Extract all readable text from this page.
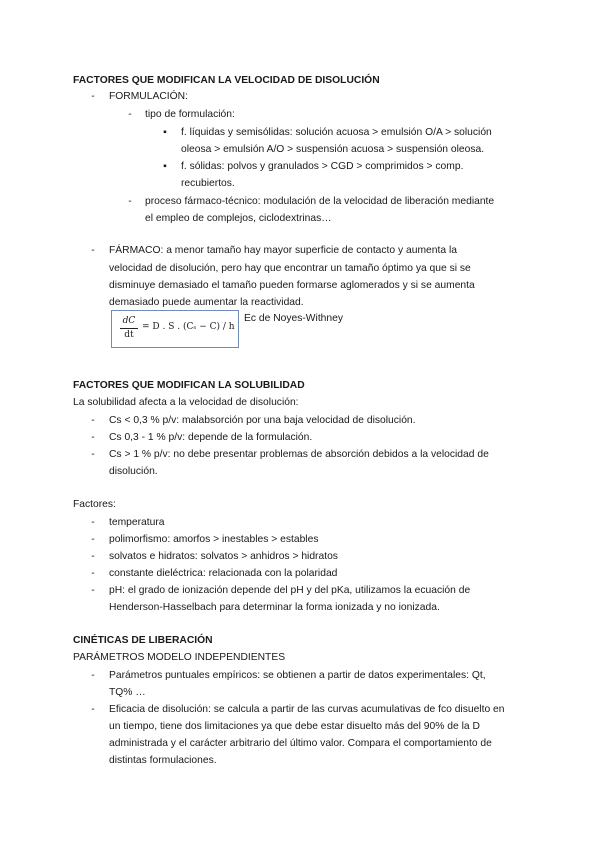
FACTORES QUE MODIFICAN LA VELOCIDAD DE DISOLUCIÓN
-	FORMULACIÓN:
-	tipo de formulación:
▪	f. líquidas y semisólidas: solución acuosa > emulsión O/A > solución
oleosa > emulsión A/O > suspensión acuosa > suspensión oleosa.
▪	f. sólidas: polvos y granulados > CGD > comprimidos > comp.
recubiertos.
-	proceso fármaco-técnico: modulación de la velocidad de liberación mediante
el empleo de complejos, ciclodextrinas…
-	FÁRMACO: a menor tamaño hay mayor superficie de contacto y aumenta la
velocidad de disolución, pero hay que encontrar un tamaño óptimo ya que si se
disminuye demasiado el tamaño pueden formarse aglomerados y si se aumenta
demasiado puede aumentar la reactividad.
dC
dt
= D . S . (Cₛ − C) / h
Ec de Noyes-Withney
FACTORES QUE MODIFICAN LA SOLUBILIDAD
La solubilidad afecta a la velocidad de disolución:
-	Cs < 0,3 % p/v: malabsorción por una baja velocidad de disolución.
-	Cs 0,3 - 1 % p/v: depende de la formulación.
-	Cs > 1 % p/v: no debe presentar problemas de absorción debidos a la velocidad de
disolución.
Factores:
-	temperatura
-	polimorfismo: amorfos > inestables > estables
-	solvatos e hidratos: solvatos > anhidros > hidratos
-	constante dieléctrica: relacionada con la polaridad
-	pH: el grado de ionización depende del pH y del pKa, utilizamos la ecuación de
Henderson-Hasselbach para determinar la forma ionizada y no ionizada.
CINÉTICAS DE LIBERACIÓN
PARÁMETROS MODELO INDEPENDIENTES
-	Parámetros puntuales empíricos: se obtienen a partir de datos experimentales: Qt,
TQ% …
-	Eficacia de disolución: se calcula a partir de las curvas acumulativas de fco disuelto en
un tiempo, tiene dos limitaciones ya que debe estar disuelto más del 90% de la D
administrada y el carácter arbitrario del último valor. Compara el comportamiento de
distintas formulaciones.
